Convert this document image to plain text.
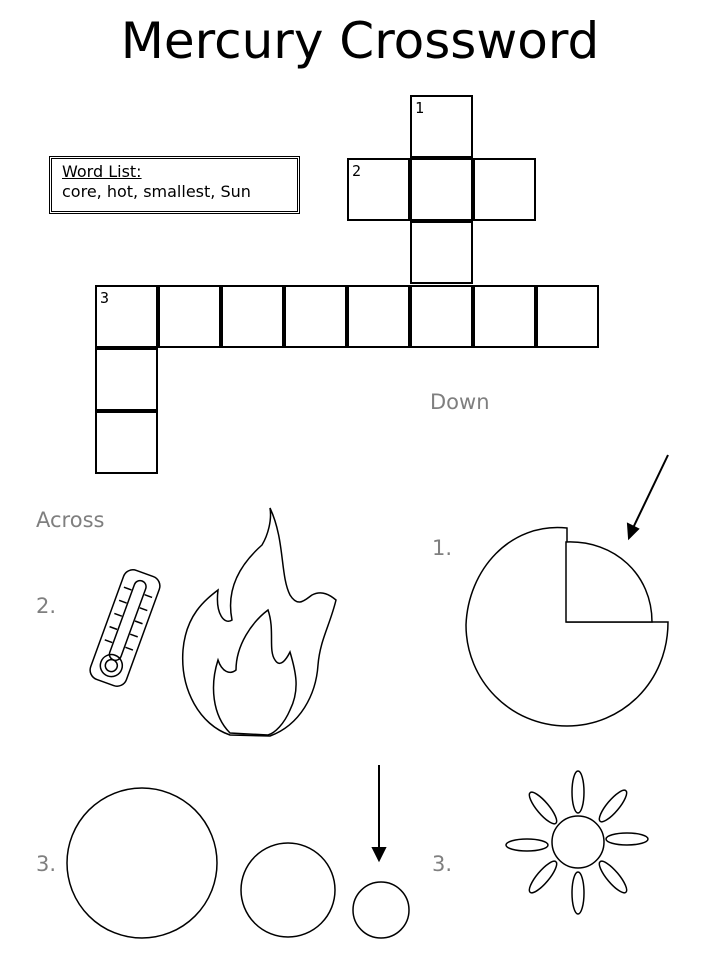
Mercury Crossword
Word List:
core, hot, smallest, Sun
1
2
3
Down
Across
1.
2.
3.	3.
